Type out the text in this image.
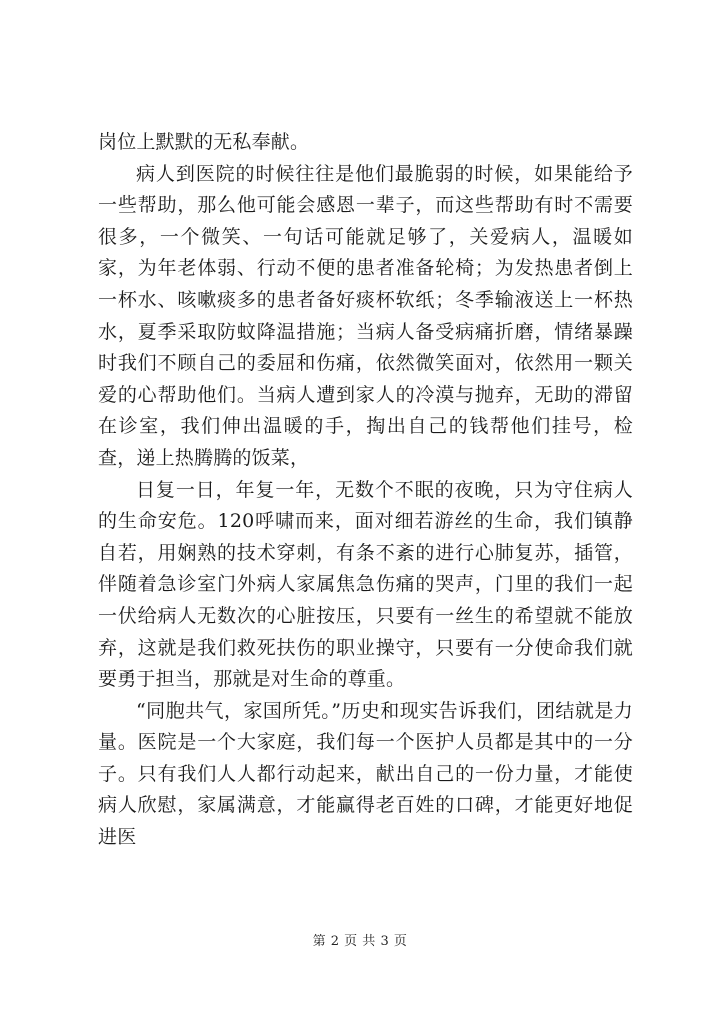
岗位上默默的无私奉献。

病人到医院的时候往往是他们最脆弱的时候，如果能给予一些帮助，那么他可能会感恩一辈子，而这些帮助有时不需要很多，一个微笑、一句话可能就足够了，关爱病人，温暖如家，为年老体弱、行动不便的患者准备轮椅；为发热患者倒上一杯水、咳嗽痰多的患者备好痰杯软纸；冬季输液送上一杯热水，夏季采取防蚊降温措施；当病人备受病痛折磨，情绪暴躁时我们不顾自己的委屈和伤痛，依然微笑面对，依然用一颗关爱的心帮助他们。当病人遭到家人的冷漠与抛弃，无助的滞留在诊室，我们伸出温暖的手，掏出自己的钱帮他们挂号，检查，递上热腾腾的饭菜，

日复一日，年复一年，无数个不眠的夜晚，只为守住病人的生命安危。120呼啸而来，面对细若游丝的生命，我们镇静自若，用娴熟的技术穿刺，有条不紊的进行心肺复苏，插管，伴随着急诊室门外病人家属焦急伤痛的哭声，门里的我们一起一伏给病人无数次的心脏按压，只要有一丝生的希望就不能放弃，这就是我们救死扶伤的职业操守，只要有一分使命我们就要勇于担当，那就是对生命的尊重。

“同胞共气，家国所凭。”历史和现实告诉我们，团结就是力量。医院是一个大家庭，我们每一个医护人员都是其中的一分子。只有我们人人都行动起来，献出自己的一份力量，才能使病人欣慰，家属满意，才能赢得老百姓的口碑，才能更好地促进医

第 2 页 共 3 页
